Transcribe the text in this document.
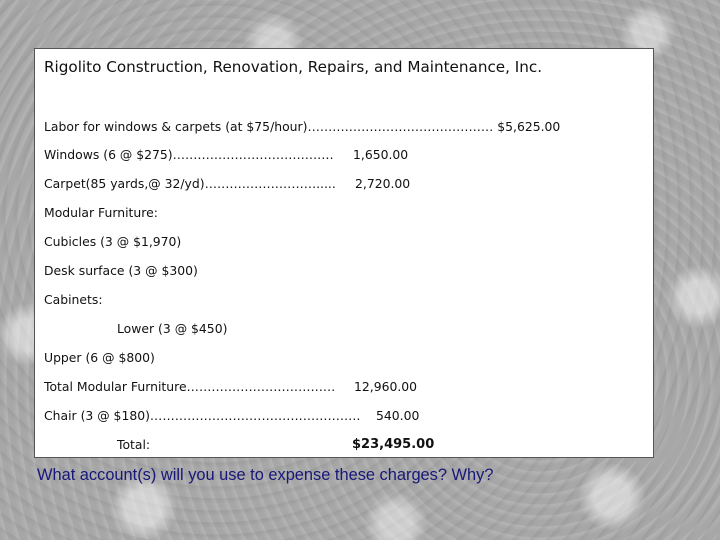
Rigolito Construction, Renovation, Repairs, and Maintenance, Inc.
Labor for windows & carpets (at $75/hour)……………………………………… $5,625.00
Windows (6 @ $275)………………………………… 1,650.00
Carpet(85 yards,@ 32/yd)………………………..... 2,720.00
Modular Furniture:
Cubicles (3 @ $1,970)
Desk surface (3 @ $300)
Cabinets:
Lower (3 @ $450)
Upper (6 @ $800)
Total Modular Furniture……………………………… 12,960.00
Chair (3 @ $180)…………………………………………… 540.00
Total:	$23,495.00

What account(s) will you use to expense these charges? Why?
